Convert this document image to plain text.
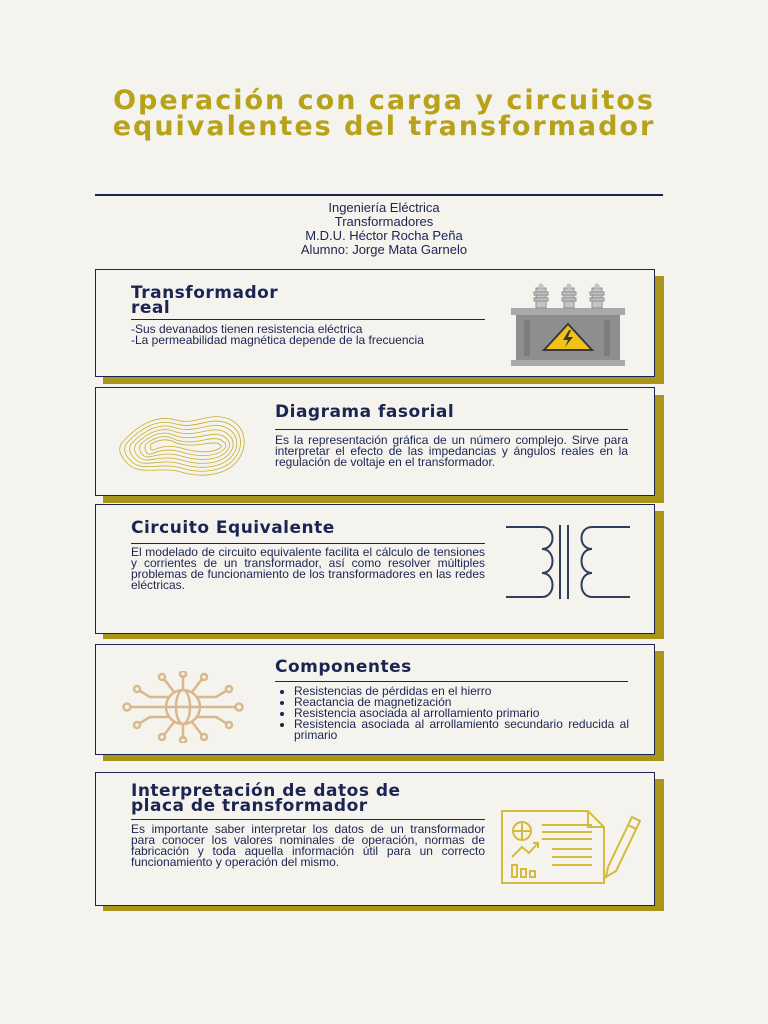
Operación con carga y circuitos equivalentes del transformador
Ingeniería Eléctrica
Transformadores
M.D.U. Héctor Rocha Peña
Alumno: Jorge Mata Garnelo
Transformador
real
-Sus devanados tienen resistencia eléctrica
-La permeabilidad magnética depende de la frecuencia
Diagrama fasorial
Es la representación gráfica de un número complejo. Sirve para interpretar el efecto de las impedancias y ángulos reales en la regulación de voltaje en el transformador.
Circuito Equivalente
El modelado de circuito equivalente facilita el cálculo de tensiones y corrientes de un transformador, así como resolver múltiples problemas de funcionamiento de los transformadores en las redes eléctricas.
Componentes
• Resistencias de pérdidas en el hierro
• Reactancia de magnetización
• Resistencia asociada al arrollamiento primario
• Resistencia asociada al arrollamiento secundario reducida al primario
Interpretación de datos de
placa de transformador
Es importante saber interpretar los datos de un transformador para conocer los valores nominales de operación, normas de fabricación y toda aquella información útil para un correcto funcionamiento y operación del mismo.
